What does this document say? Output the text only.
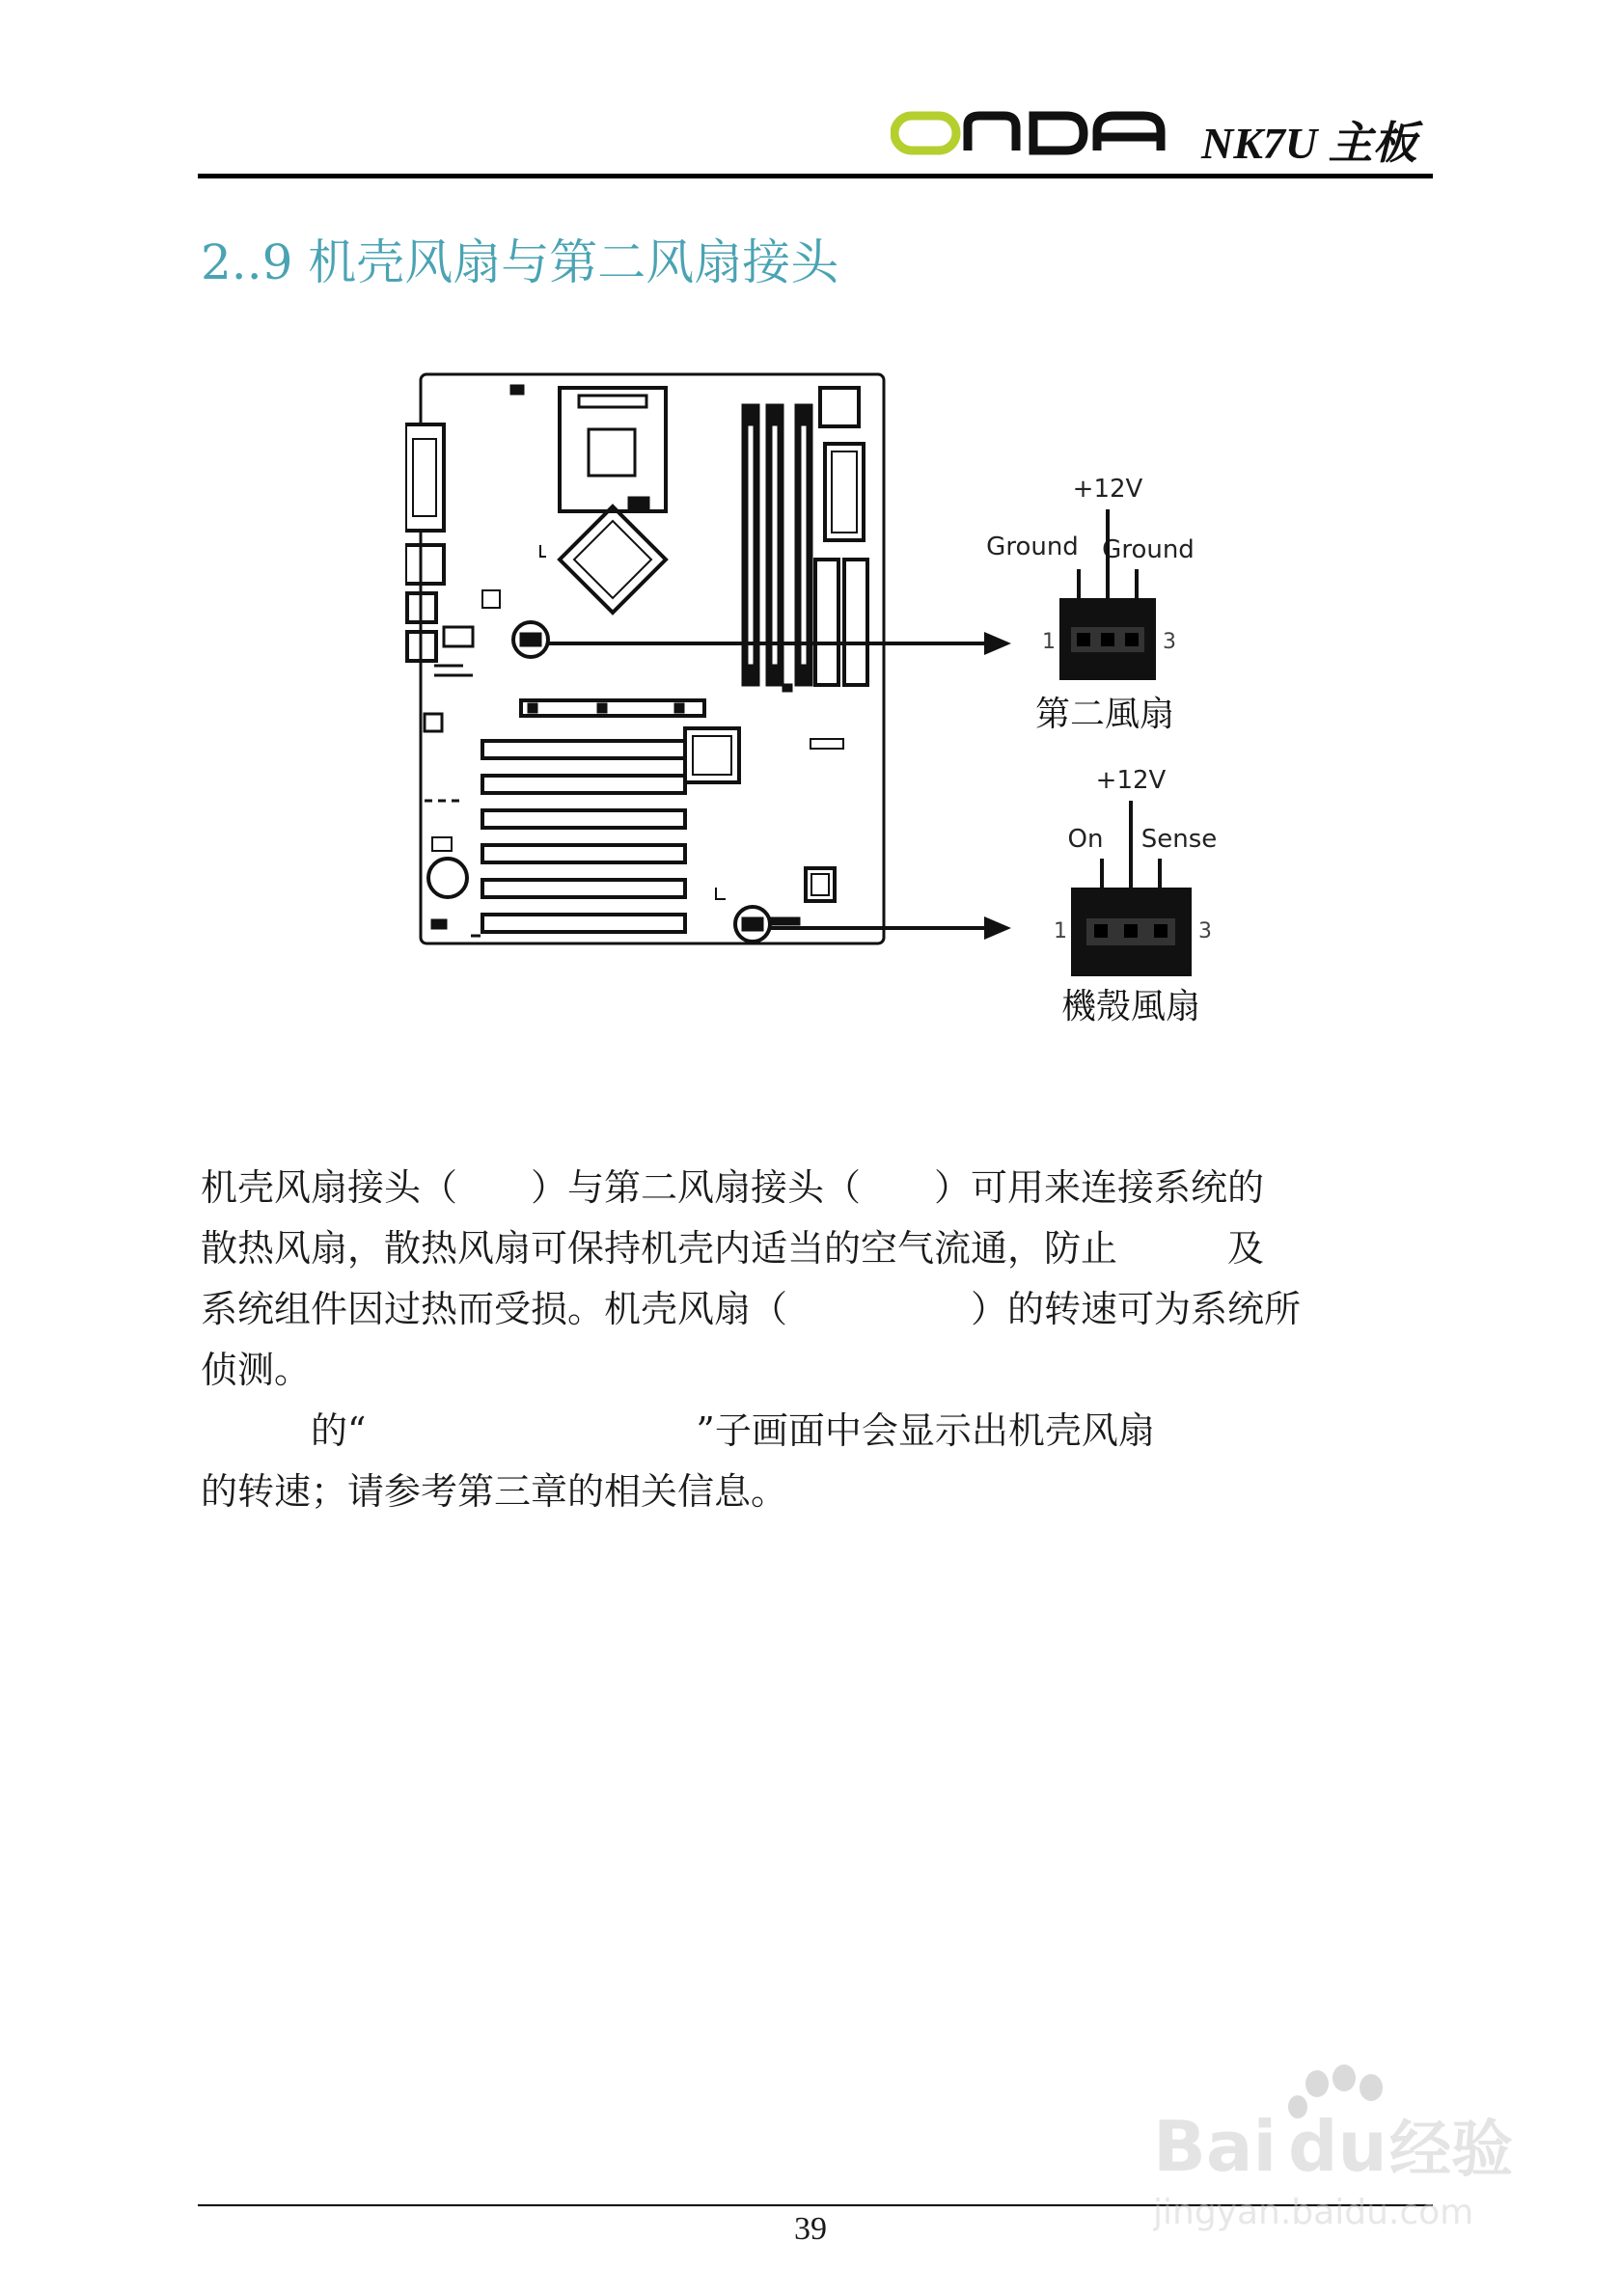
ONDA	NK7U 主板
2..9 机壳风扇与第二风扇接头
+12V
Ground Ground
1	3
第二風扇
+12V
On Sense
1	3
機殼風扇

机壳风扇接头（　　）与第二风扇接头（　　）可用来连接系统的

散热风扇，散热风扇可保持机壳内适当的空气流通，防止　　　及

系统组件因过热而受损。机壳风扇（　　　　　）的转速可为系统所

侦测。

　　　的“　　　　　　　　　”子画面中会显示出机壳风扇

的转速；请参考第三章的相关信息。

39
Bai du 经验
jingyan.baidu.com
